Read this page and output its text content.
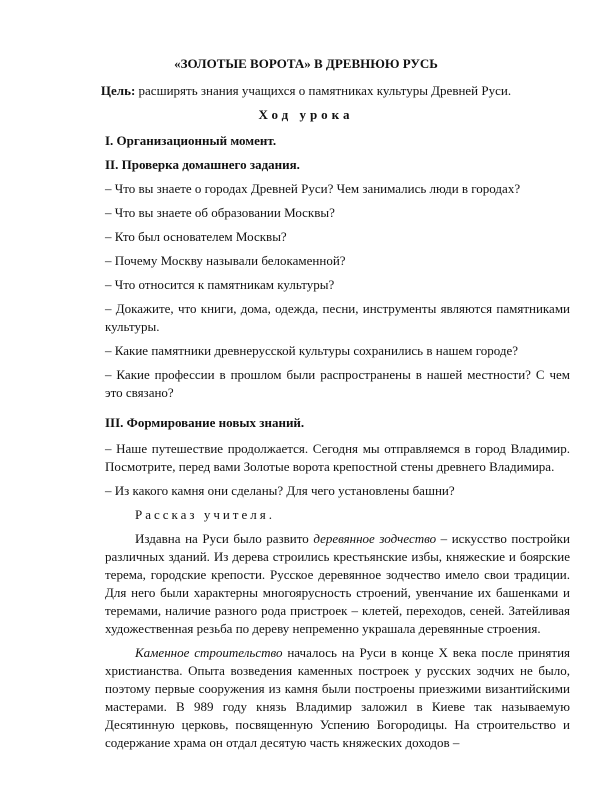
«ЗОЛОТЫЕ ВОРОТА» В ДРЕВНЮЮ РУСЬ
Цель: расширять знания учащихся о памятниках культуры Древней Руси.
Ход урока

I. Организационный момент.

II. Проверка домашнего задания.

– Что вы знаете о городах Древней Руси? Чем занимались люди в городах?

– Что вы знаете об образовании Москвы?

– Кто был основателем Москвы?

– Почему Москву называли белокаменной?

– Что относится к памятникам культуры?

– Докажите, что книги, дома, одежда, песни, инструменты являются памятниками культуры.

– Какие памятники древнерусской культуры сохранились в нашем городе?

– Какие профессии в прошлом были распространены в нашей местности? С чем это связано?

III. Формирование новых знаний.

– Наше путешествие продолжается. Сегодня мы отправляемся в город Владимир. Посмотрите, перед вами Золотые ворота крепостной стены древнего Владимира.

– Из какого камня они сделаны? Для чего установлены башни?

Рассказ учителя.

Издавна на Руси было развито деревянное зодчество – искусство постройки различных зданий. Из дерева строились крестьянские избы, княжеские и боярские терема, городские крепости. Русское деревянное зодчество имело свои традиции. Для него были характерны многоярусность строений, увенчание их башенками и теремами, наличие разного рода пристроек – клетей, переходов, сеней. Затейливая художественная резьба по дереву непременно украшала деревянные строения.

Каменное строительство началось на Руси в конце X века после принятия христианства. Опыта возведения каменных построек у русских зодчих не было, поэтому первые сооружения из камня были построены приезжими византийскими мастерами. В 989 году князь Владимир заложил в Киеве так называемую Десятинную церковь, посвященную Успению Богородицы. На строительство и содержание храма он отдал десятую часть княжеских доходов –
